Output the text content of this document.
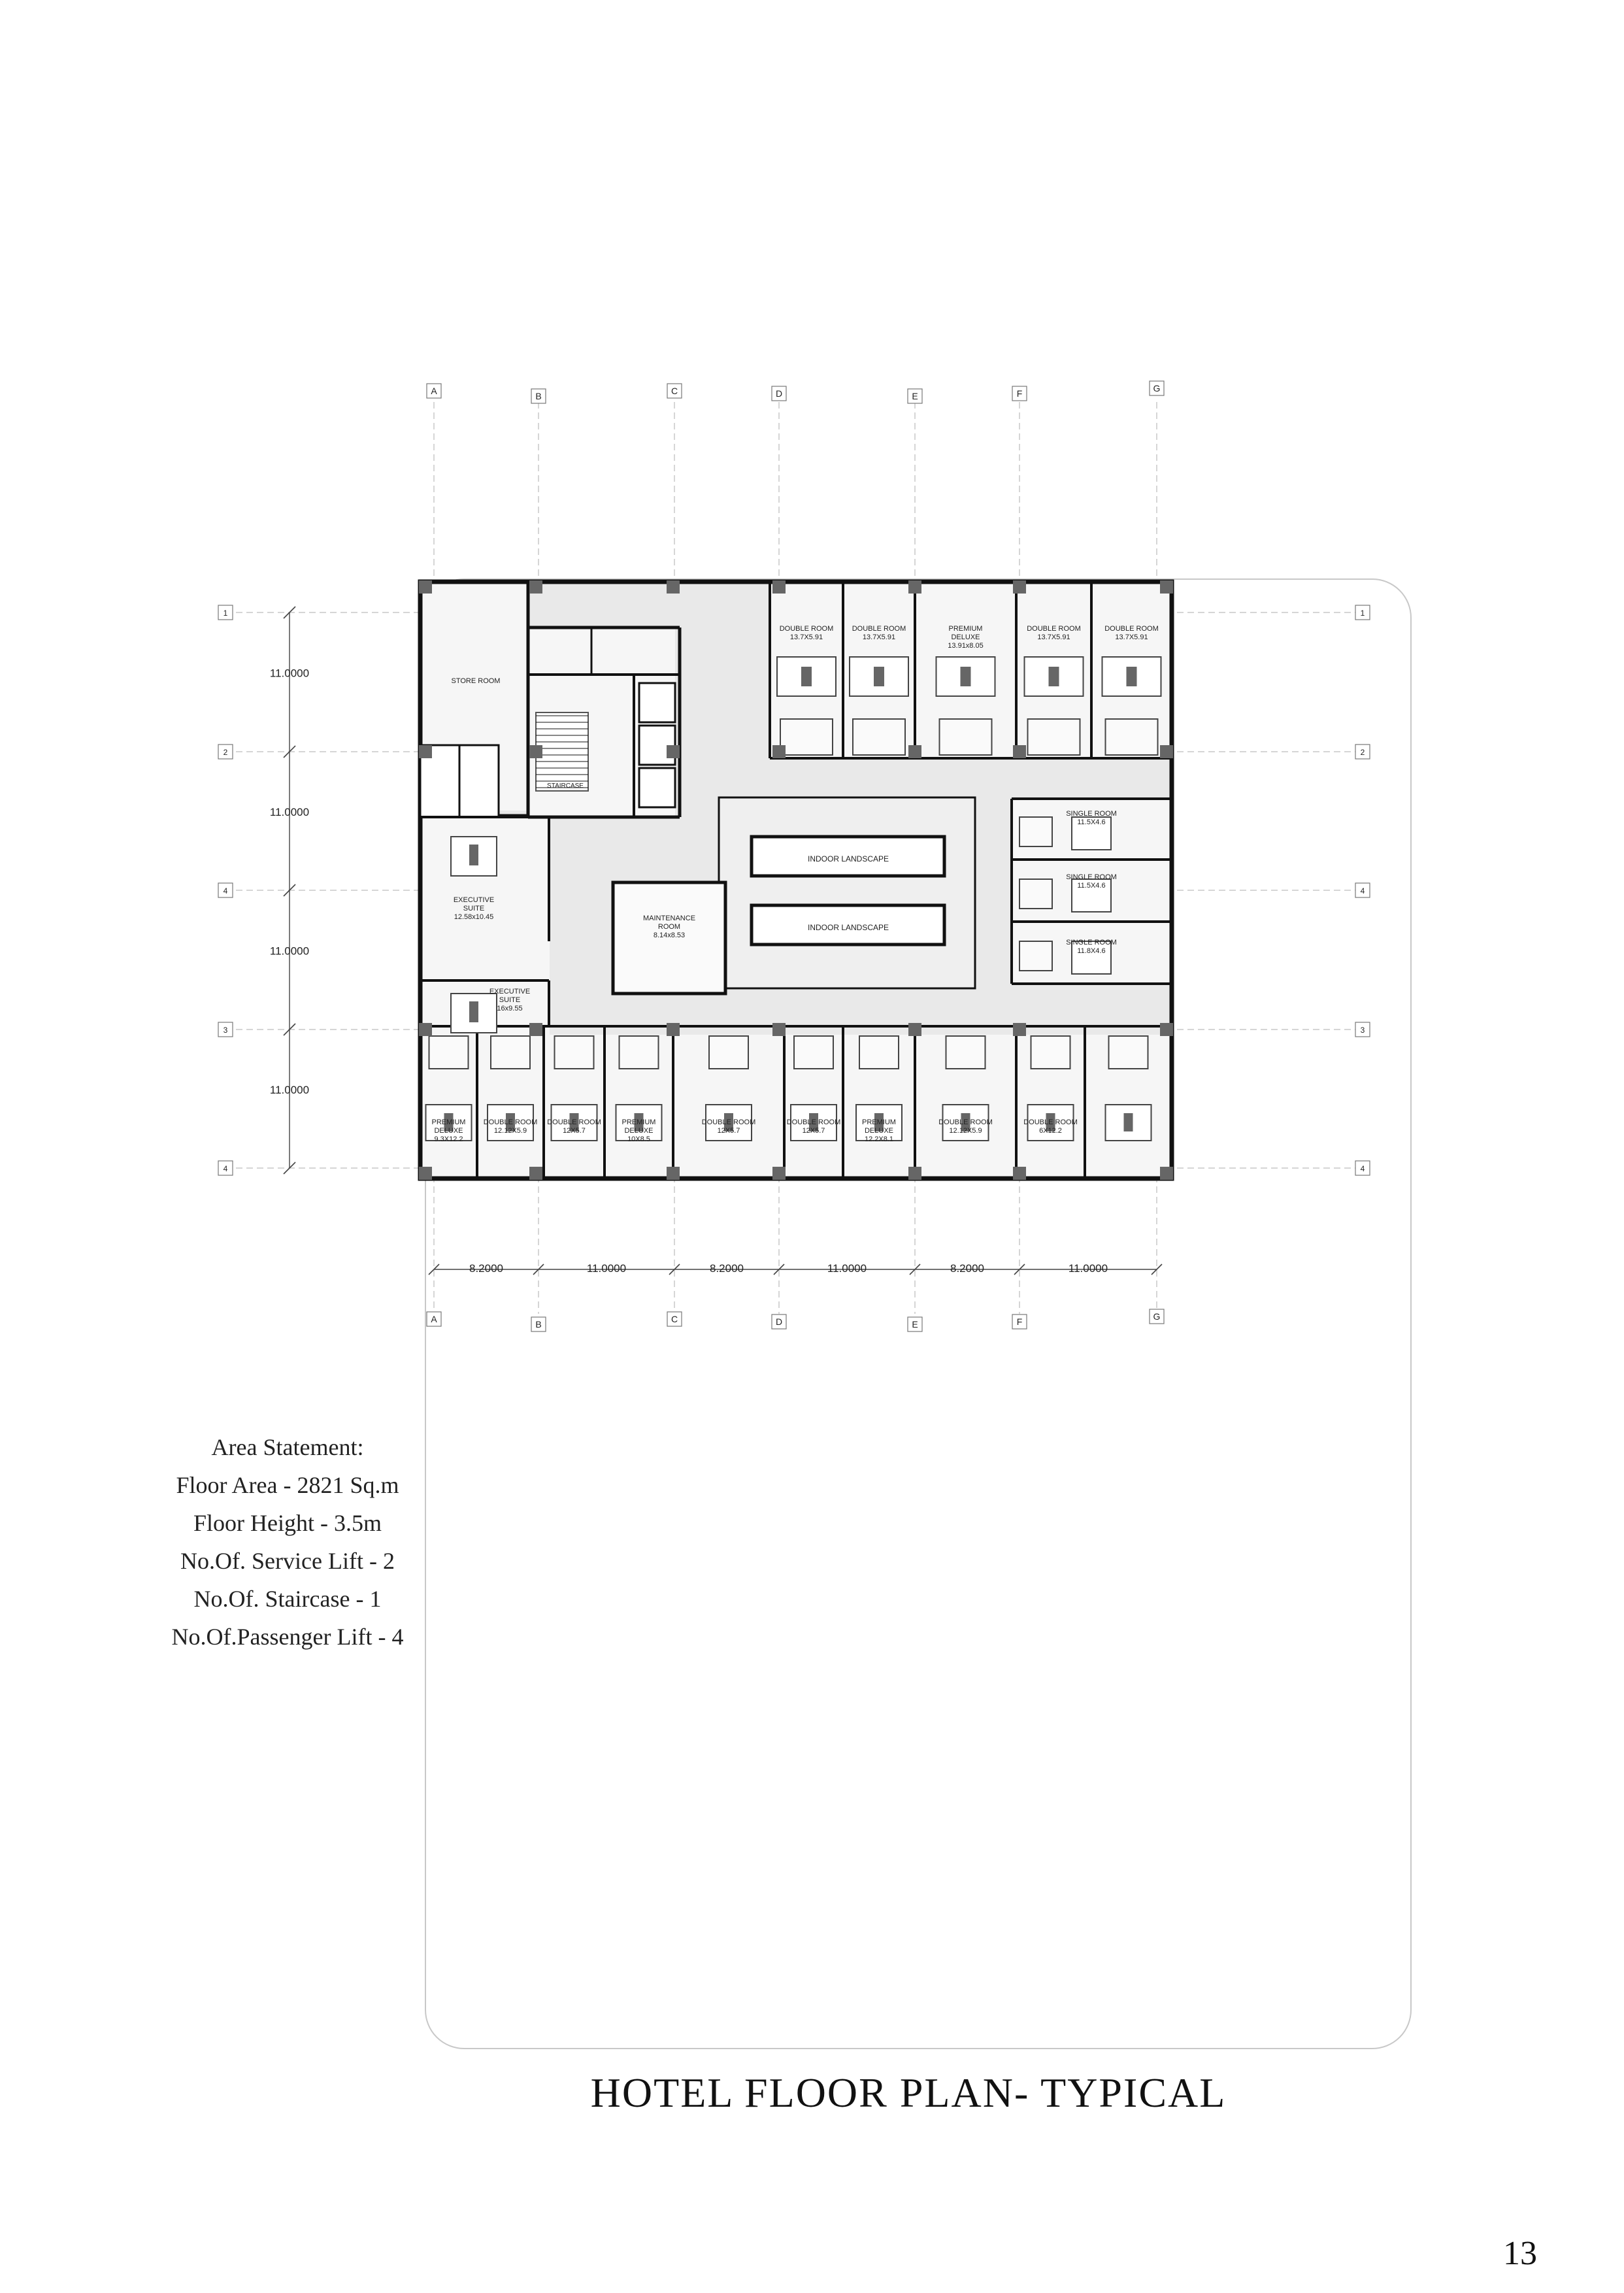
A
A
B
B
C
C
D
D
E
E
F
F
G
G
1	1
2	2
4	4
3	3
4	4
11.0000
11.0000
11.0000
11.0000
8.2000	11.0000	8.2000	11.0000	8.2000	11.0000
STORE ROOM
STAIRCASE
MAINTENANCE
ROOM
8.14x8.53
INDOOR LANDSCAPE
INDOOR LANDSCAPE
EXECUTIVE
SUITE
12.58x10.45
EXECUTIVE
SUITE
16x9.55
DOUBLE ROOM
13.7X5.91
DOUBLE ROOM
13.7X5.91
PREMIUM
DELUXE
13.91x8.05
DOUBLE ROOM
13.7X5.91
DOUBLE ROOM
13.7X5.91
SINGLE ROOM
11.5X4.6
SINGLE ROOM
11.5X4.6
SINGLE ROOM
11.8X4.6
PREMIUM
DELUXE
9.3X12.2
DOUBLE ROOM
12.12X5.9
DOUBLE ROOM
12X5.7
PREMIUM
DELUXE
10X8.5
DOUBLE ROOM
12X5.7
DOUBLE ROOM
12X5.7
PREMIUM
DELUXE
12.2X8.1
DOUBLE ROOM
12.12X5.9
DOUBLE ROOM
6X12.2
Area Statement:
Floor Area - 2821 Sq.m
Floor Height - 3.5m
No.Of. Service Lift - 2
No.Of. Staircase - 1
No.Of.Passenger Lift - 4
HOTEL FLOOR PLAN- TYPICAL
13
